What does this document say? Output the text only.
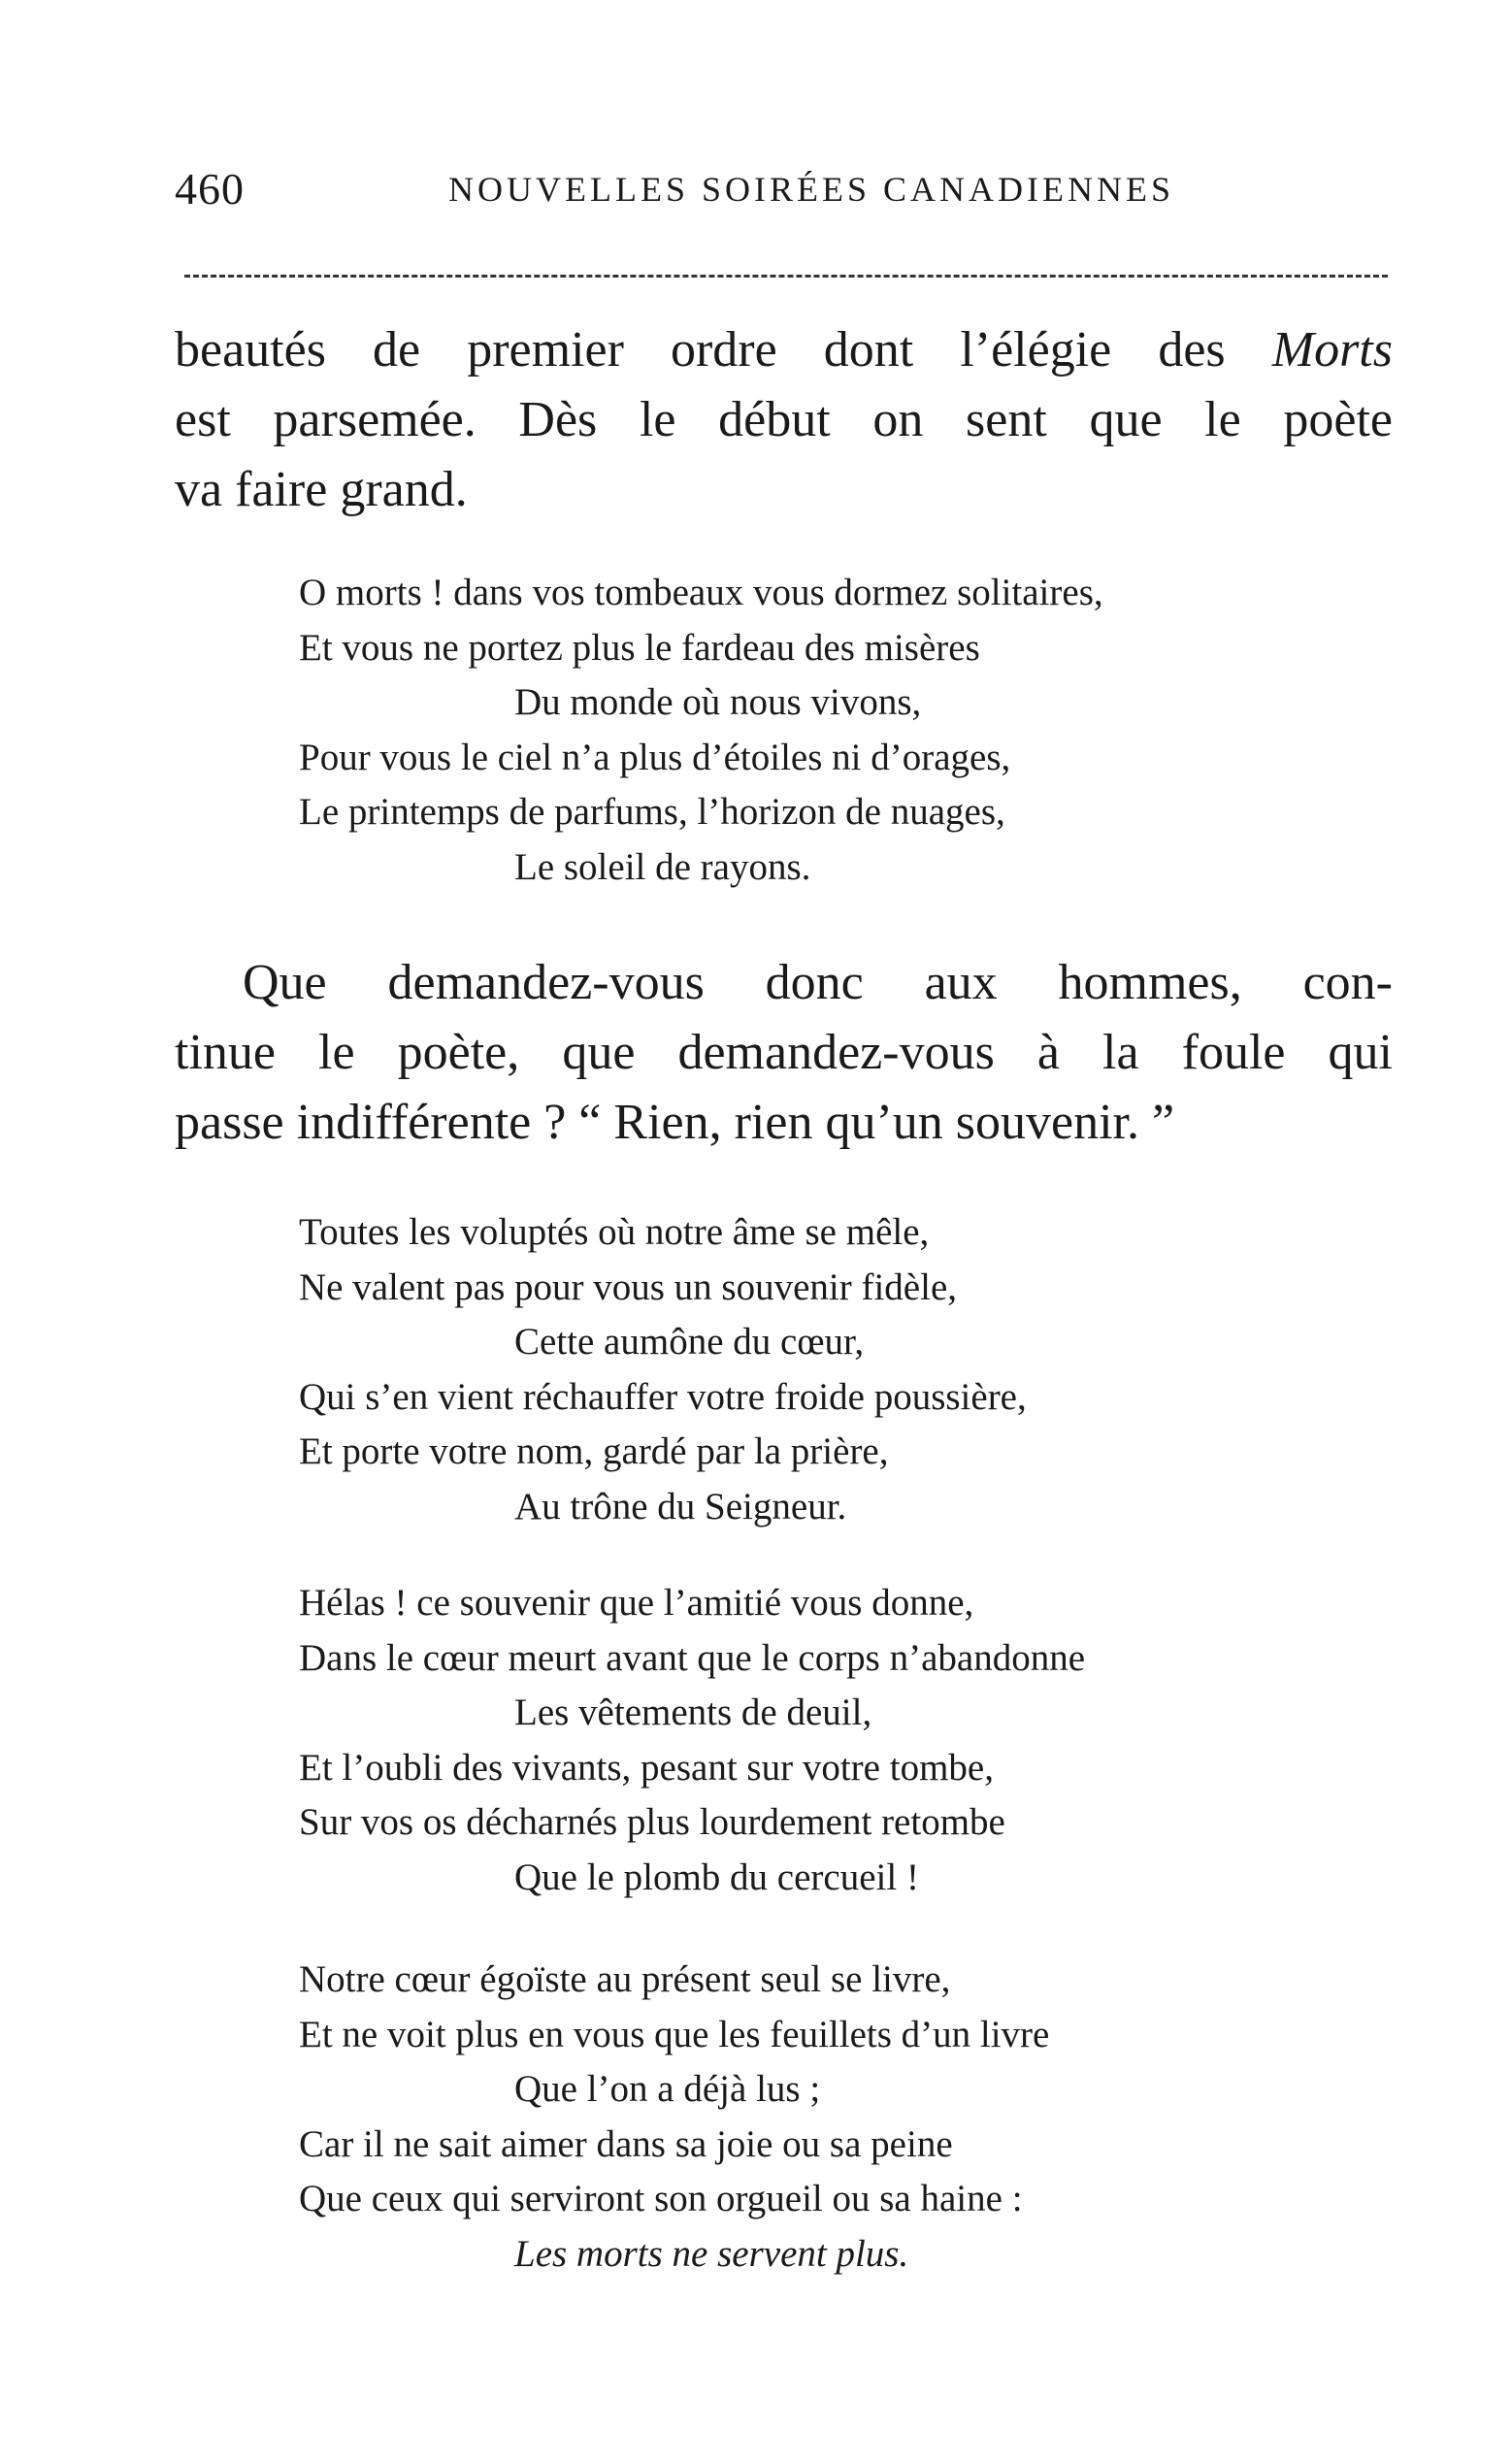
460	NOUVELLES SOIRÉES CANADIENNES
beautés de premier ordre dont l’élégie des Morts
est parsemée. Dès le début on sent que le poète
va faire grand.
O morts ! dans vos tombeaux vous dormez solitaires,
Et vous ne portez plus le fardeau des misères
Du monde où nous vivons,
Pour vous le ciel n’a plus d’étoiles ni d’orages,
Le printemps de parfums, l’horizon de nuages,
Le soleil de rayons.
Que demandez-vous donc aux hommes, con-
tinue le poète, que demandez-vous à la foule qui
passe indifférente ? “ Rien, rien qu’un souvenir. ”
Toutes les voluptés où notre âme se mêle,
Ne valent pas pour vous un souvenir fidèle,
Cette aumône du cœur,
Qui s’en vient réchauffer votre froide poussière,
Et porte votre nom, gardé par la prière,
Au trône du Seigneur.
Hélas ! ce souvenir que l’amitié vous donne,
Dans le cœur meurt avant que le corps n’abandonne
Les vêtements de deuil,
Et l’oubli des vivants, pesant sur votre tombe,
Sur vos os décharnés plus lourdement retombe
Que le plomb du cercueil !
Notre cœur égoïste au présent seul se livre,
Et ne voit plus en vous que les feuillets d’un livre
Que l’on a déjà lus ;
Car il ne sait aimer dans sa joie ou sa peine
Que ceux qui serviront son orgueil ou sa haine :
Les morts ne servent plus.
